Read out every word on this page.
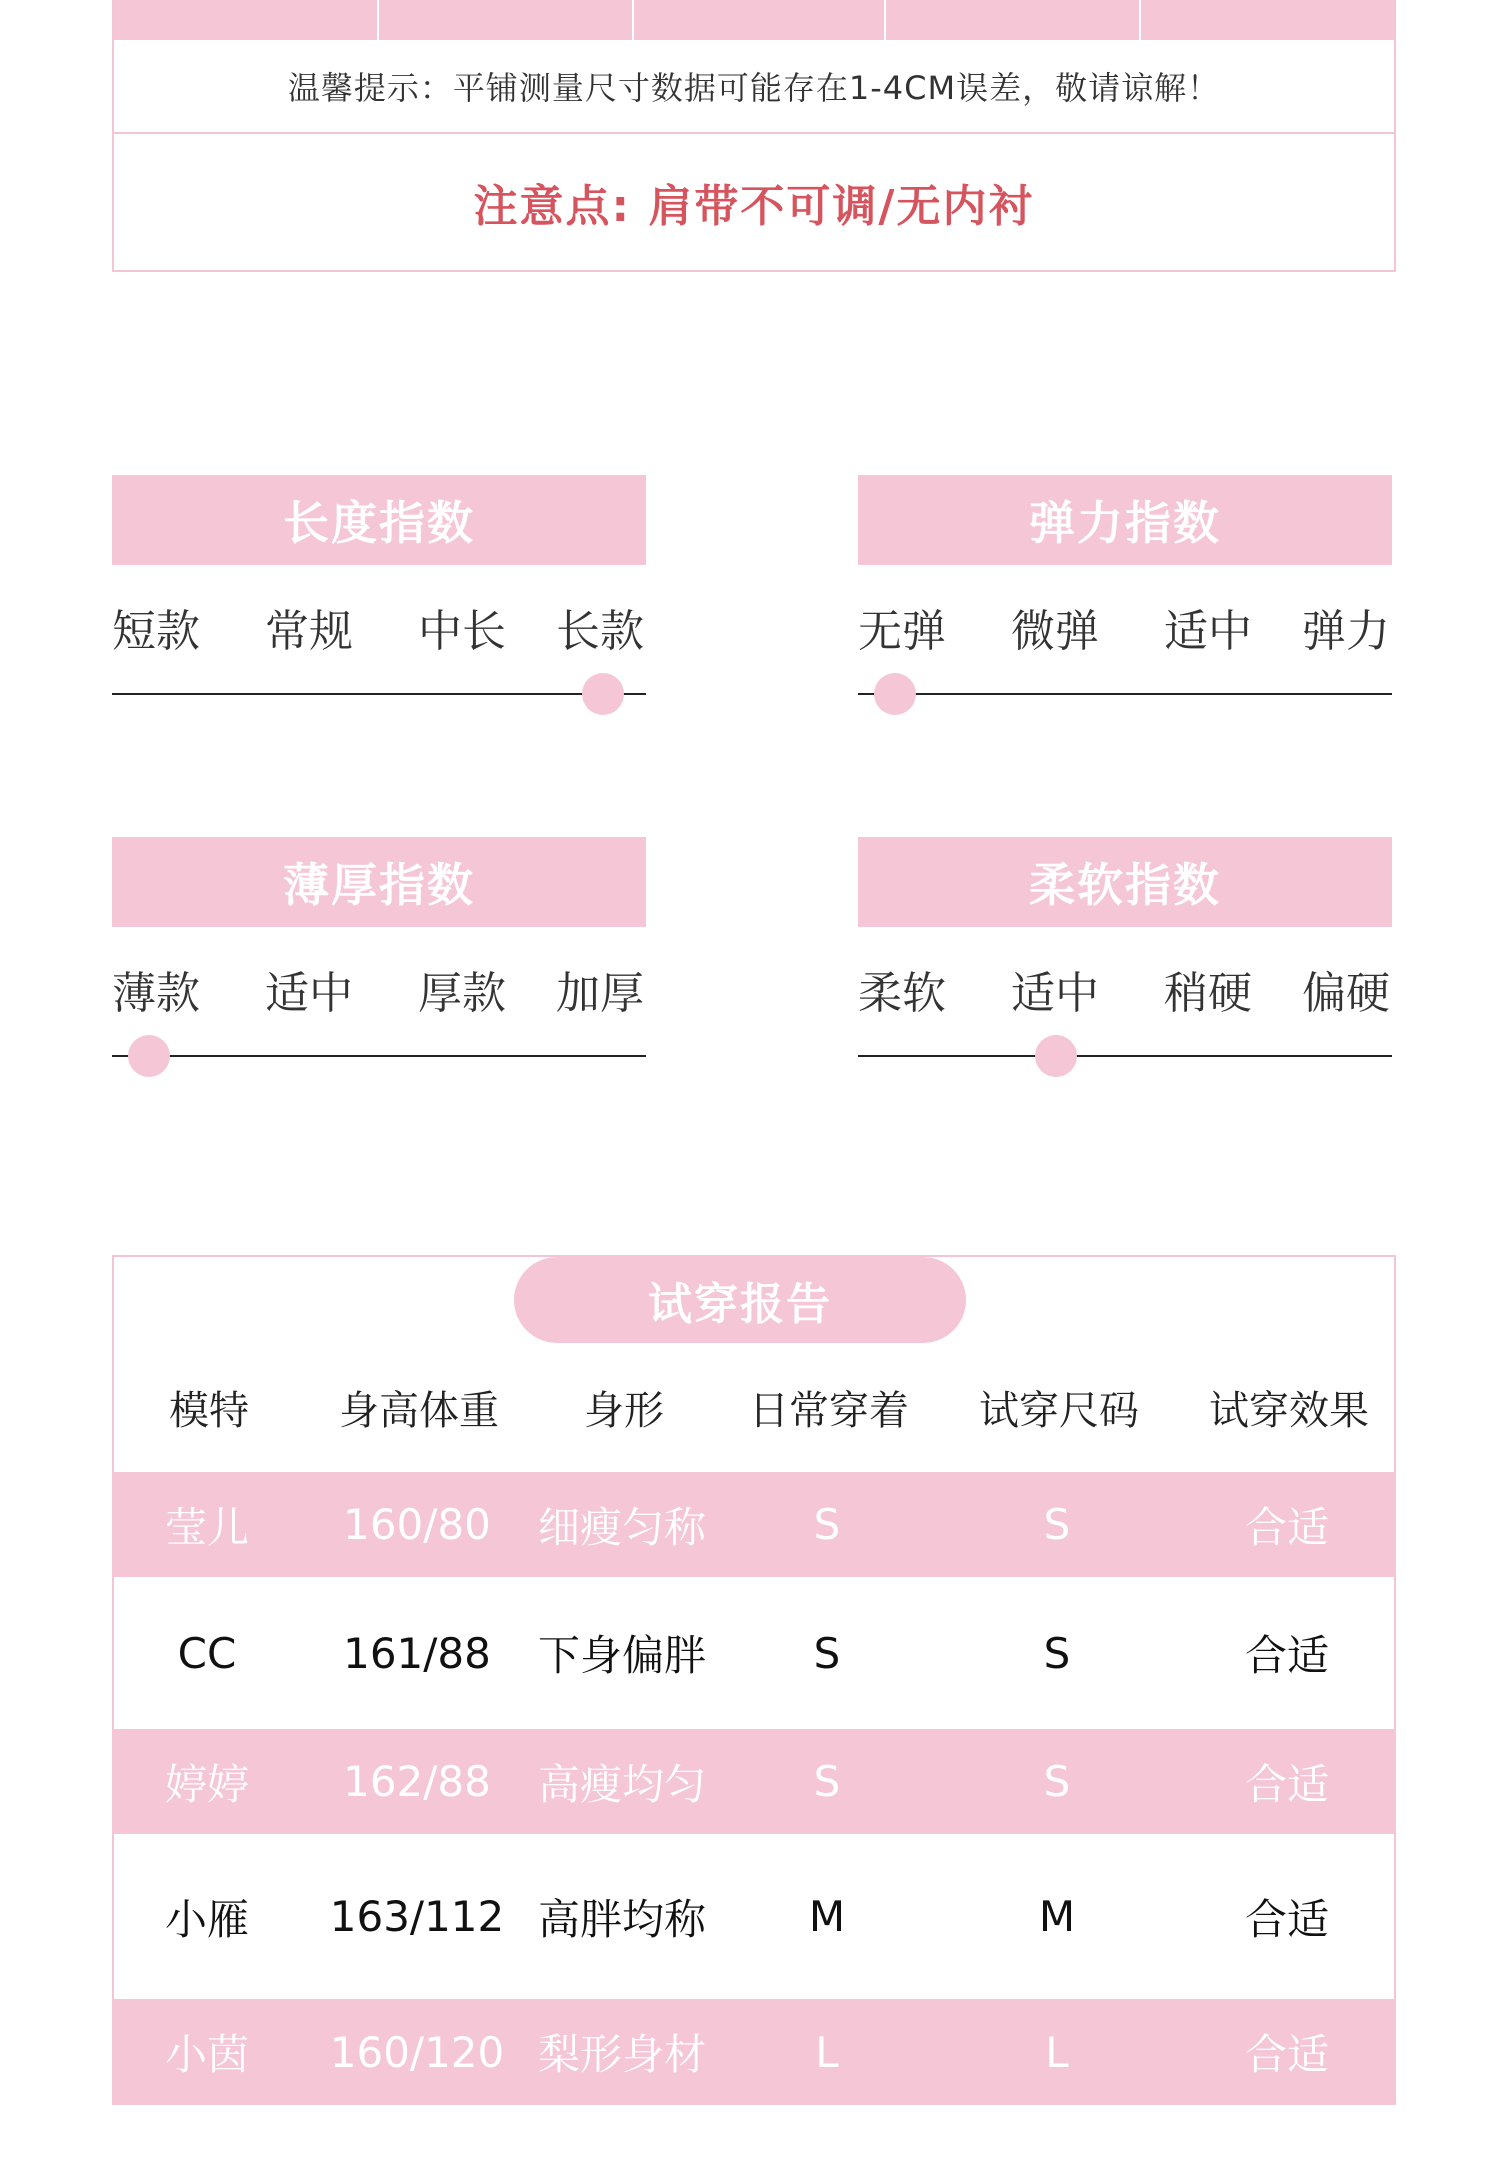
温馨提示：平铺测量尺寸数据可能存在1-4CM误差，敬请谅解！
注意点: 肩带不可调/无内衬
长度指数
短款 常规 中长 长款
弹力指数
无弹 微弹 适中 弹力
薄厚指数
薄款 适中 厚款 加厚
柔软指数
柔软 适中 稍硬 偏硬
试穿报告
模特	身高体重	身形	日常穿着	试穿尺码	试穿效果
莹儿	160/80	细瘦匀称	S	S	合适
CC	161/88	下身偏胖	S	S	合适
婷婷	162/88	高瘦均匀	S	S	合适
小雁	163/112 高胖均称	M	M	合适
小茵	160/120 梨形身材	L	L	合适
